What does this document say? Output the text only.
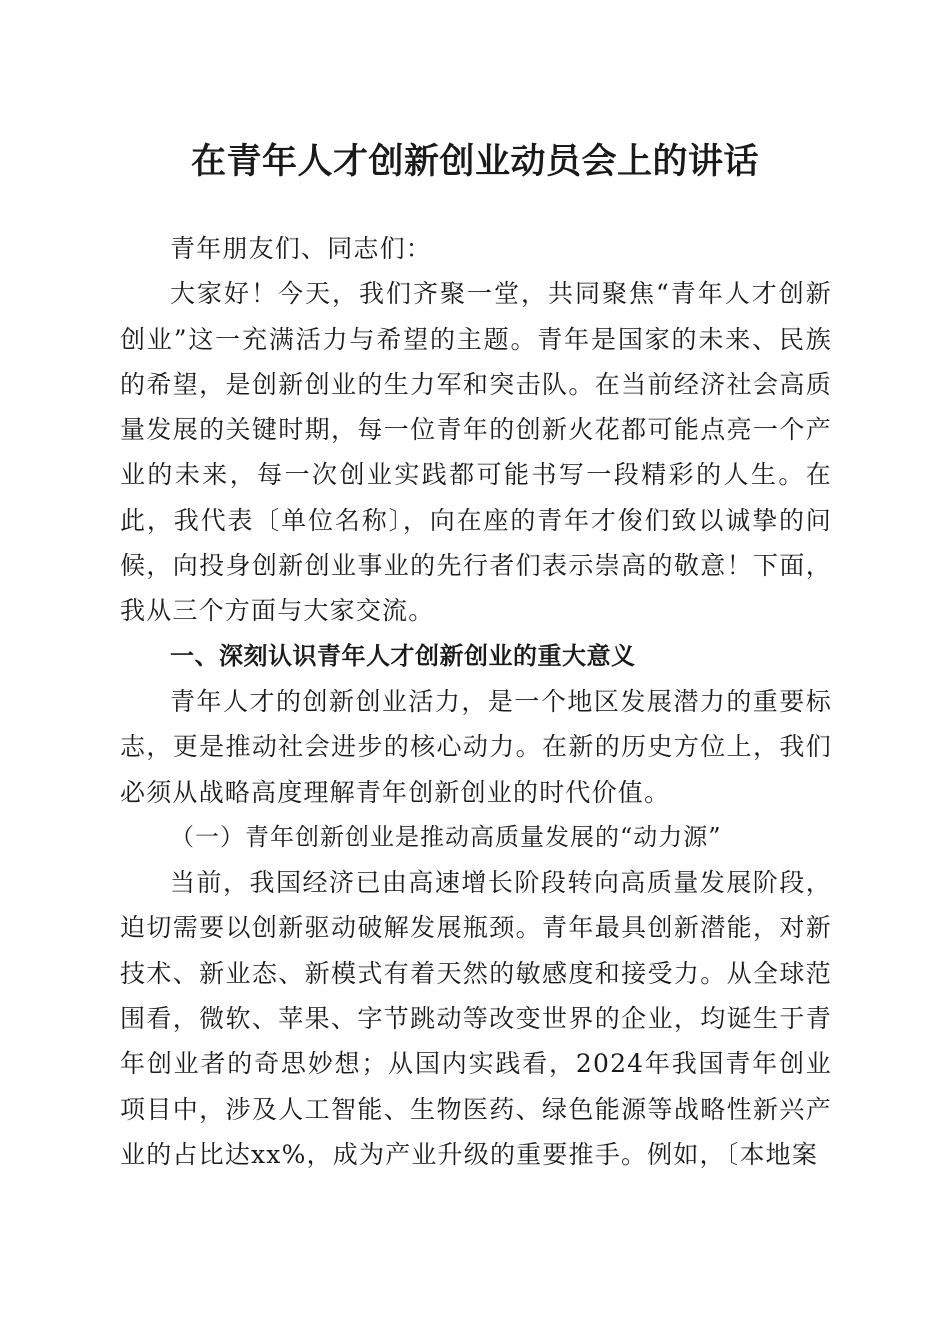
在青年人才创新创业动员会上的讲话

青年朋友们、同志们：

大家好！今天，我们齐聚一堂，共同聚焦“青年人才创新创业”这一充满活力与希望的主题。青年是国家的未来、民族的希望，是创新创业的生力军和突击队。在当前经济社会高质量发展的关键时期，每一位青年的创新火花都可能点亮一个产业的未来，每一次创业实践都可能书写一段精彩的人生。在此，我代表〔单位名称〕，向在座的青年才俊们致以诚挚的问候，向投身创新创业事业的先行者们表示崇高的敬意！下面，我从三个方面与大家交流。

一、深刻认识青年人才创新创业的重大意义

青年人才的创新创业活力，是一个地区发展潜力的重要标志，更是推动社会进步的核心动力。在新的历史方位上，我们必须从战略高度理解青年创新创业的时代价值。

（一）青年创新创业是推动高质量发展的“动力源”

当前，我国经济已由高速增长阶段转向高质量发展阶段，迫切需要以创新驱动破解发展瓶颈。青年最具创新潜能，对新技术、新业态、新模式有着天然的敏感度和接受力。从全球范围看，微软、苹果、字节跳动等改变世界的企业，均诞生于青年创业者的奇思妙想；从国内实践看，2024年我国青年创业项目中，涉及人工智能、生物医药、绿色能源等战略性新兴产业的占比达xx%，成为产业升级的重要推手。例如，〔本地案
